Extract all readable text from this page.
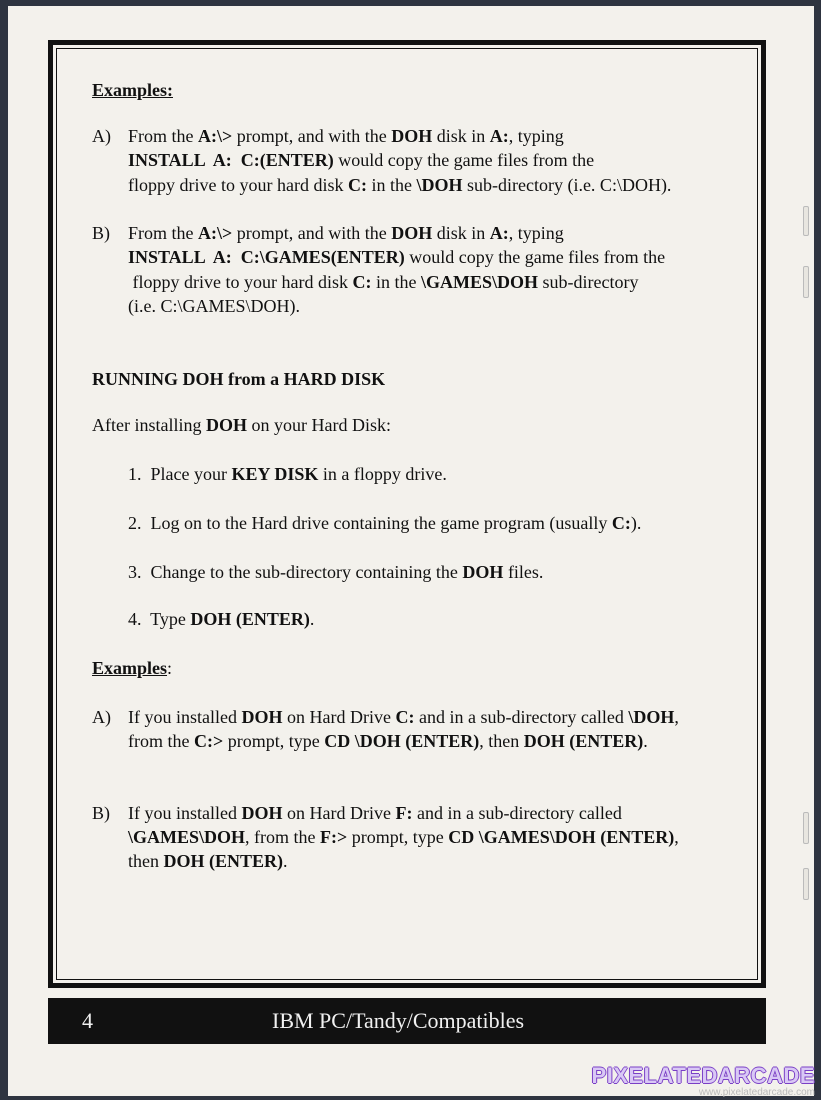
Examples:
A) From the A:\> prompt, and with the DOH disk in A:, typing
INSTALL  A:  C:(ENTER) would copy the game files from the
floppy drive to your hard disk C: in the \DOH sub-directory (i.e. C:\DOH).
B) From the A:\> prompt, and with the DOH disk in A:, typing
INSTALL  A:  C:\GAMES(ENTER) would copy the game files from the
floppy drive to your hard disk C: in the \GAMES\DOH sub-directory
(i.e. C:\GAMES\DOH).
RUNNING DOH from a HARD DISK
After installing DOH on your Hard Disk:
1.  Place your KEY DISK in a floppy drive.
2.  Log on to the Hard drive containing the game program (usually C:).
3.  Change to the sub-directory containing the DOH files.
4.  Type DOH (ENTER).
Examples:
A) If you installed DOH on Hard Drive C: and in a sub-directory called \DOH,
from the C:> prompt, type CD \DOH (ENTER), then DOH (ENTER).
B) If you installed DOH on Hard Drive F: and in a sub-directory called
\GAMES\DOH, from the F:> prompt, type CD \GAMES\DOH (ENTER),
then DOH (ENTER).
4	IBM PC/Tandy/Compatibles
PIXELATEDARCADE
www.pixelatedarcade.com
